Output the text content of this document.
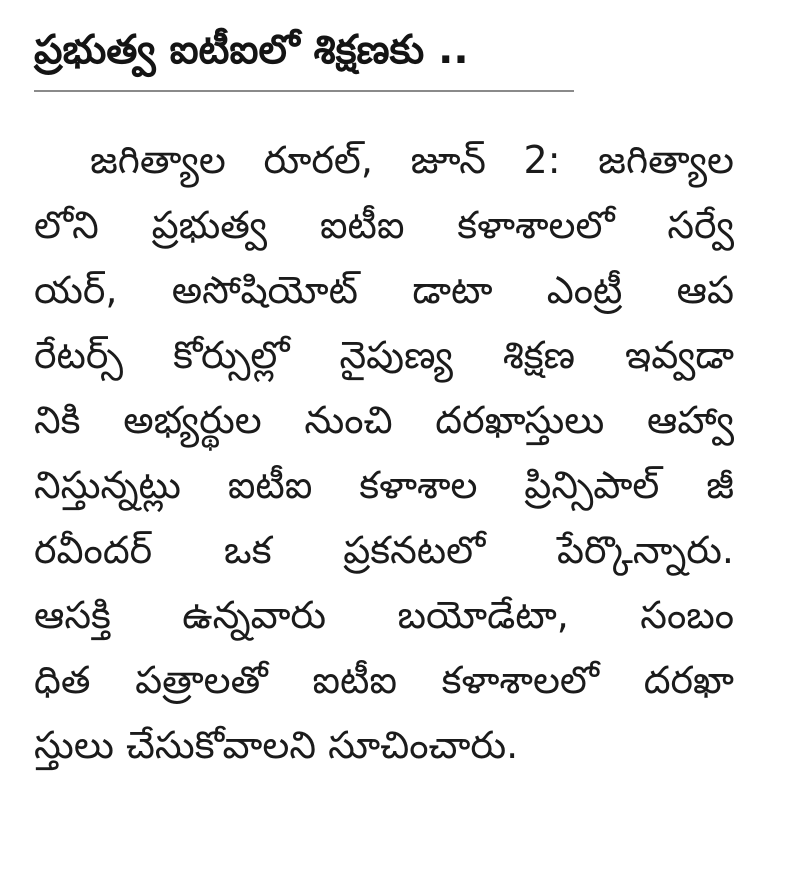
ప్రభుత్వ ఐటీఐలో శిక్షణకు ..
జగిత్యాల రూరల్, జూన్ 2: జగిత్యాల
లోని ప్రభుత్వ ఐటీఐ కళాశాలలో సర్వే
యర్, అసోషియోట్ డాటా ఎంట్రీ ఆప
రేటర్స్ కోర్సుల్లో నైపుణ్య శిక్షణ ఇవ్వడా
నికి అభ్యర్థుల నుంచి దరఖాస్తులు ఆహ్వా
నిస్తున్నట్లు ఐటీఐ కళాశాల ప్రిన్సిపాల్ జీ
రవీందర్ ఒక ప్రకనటలో పేర్కొన్నారు.
ఆసక్తి ఉన్నవారు బయోడేటా, సంబం
ధిత పత్రాలతో ఐటీఐ కళాశాలలో దరఖా
స్తులు చేసుకోవాలని సూచించారు.
